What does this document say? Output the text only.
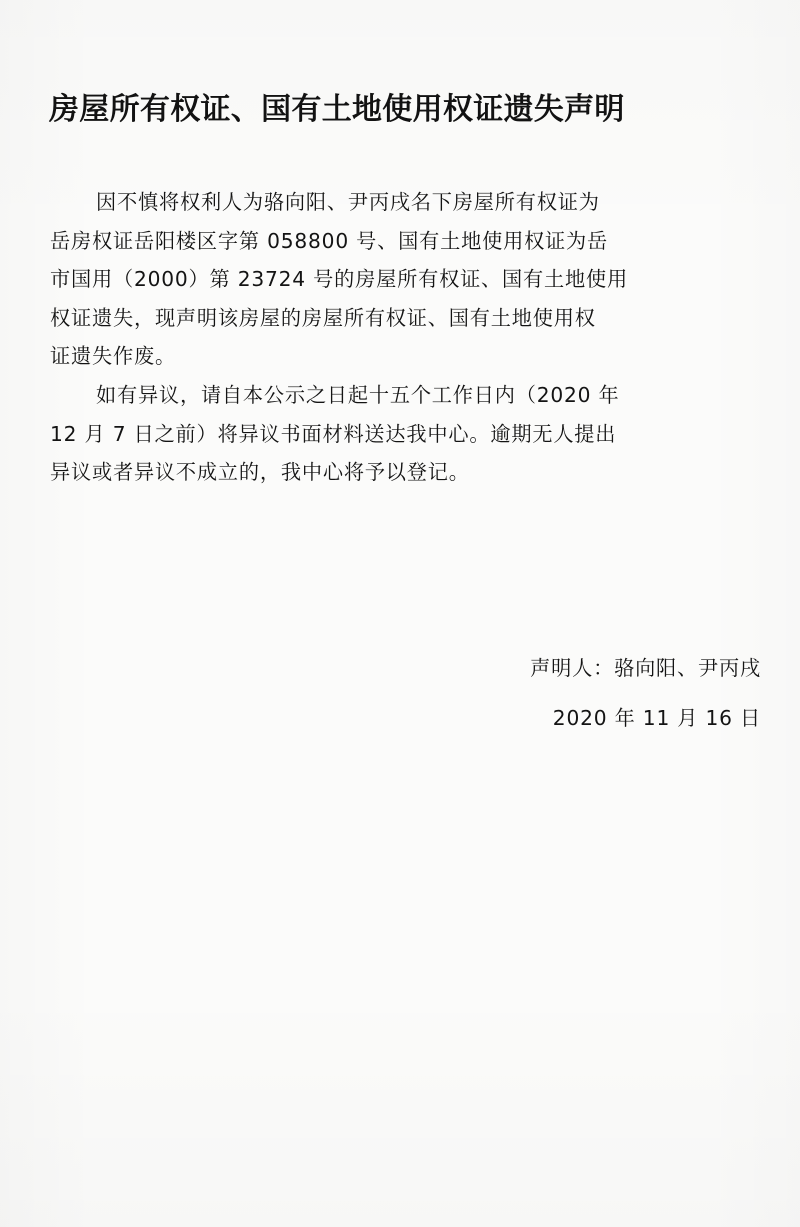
房屋所有权证、国有土地使用权证遗失声明

因不慎将权利人为骆向阳、尹丙戌名下房屋所有权证为
岳房权证岳阳楼区字第 058800 号、国有土地使用权证为岳
市国用（2000）第 23724 号的房屋所有权证、国有土地使用
权证遗失，现声明该房屋的房屋所有权证、国有土地使用权
证遗失作废。

如有异议，请自本公示之日起十五个工作日内（2020 年
12 月 7 日之前）将异议书面材料送达我中心。逾期无人提出
异议或者异议不成立的，我中心将予以登记。

声明人：骆向阳、尹丙戌
2020 年 11 月 16 日
